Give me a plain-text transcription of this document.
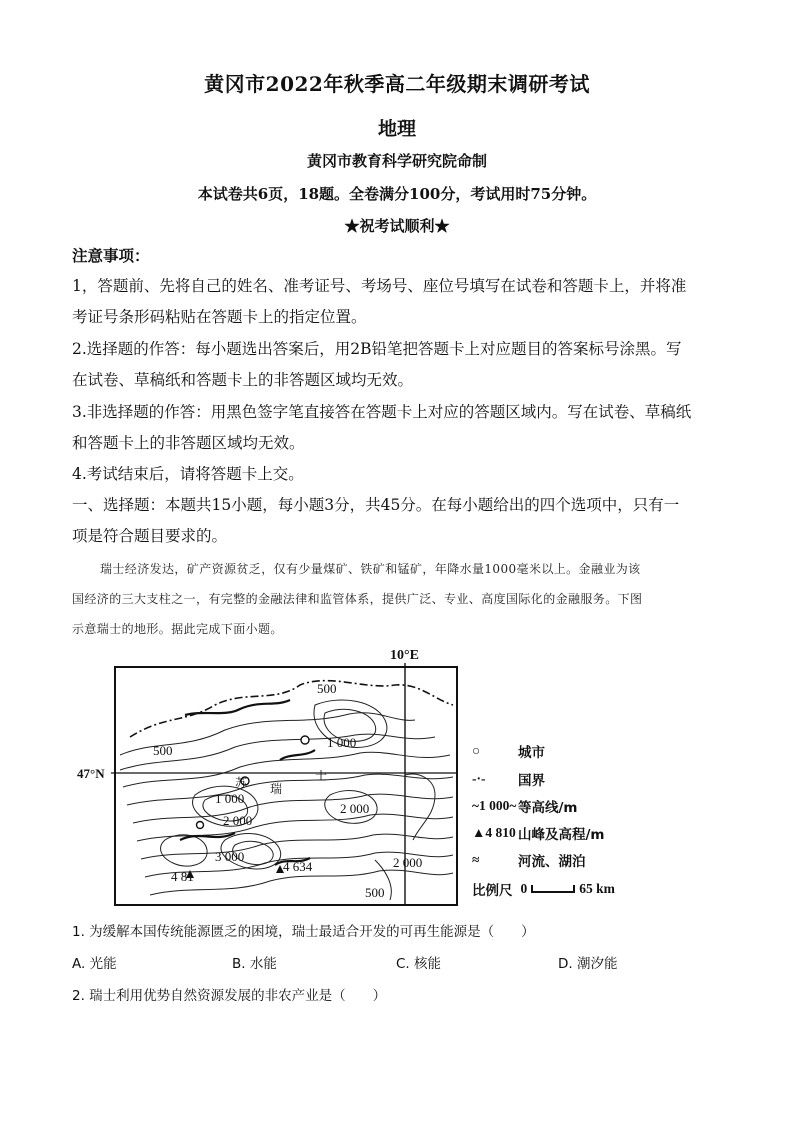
黄冈市2022年秋季高二年级期末调研考试
地理
黄冈市教育科学研究院命制
本试卷共6页，18题。全卷满分100分，考试用时75分钟。
★祝考试顺利★
注意事项：
1，答题前、先将自己的姓名、准考证号、考场号、座位号填写在试卷和答题卡上，并将准
考证号条形码粘贴在答题卡上的指定位置。
2.选择题的作答：每小题选出答案后，用2B铅笔把答题卡上对应题目的答案标号涂黑。写
在试卷、草稿纸和答题卡上的非答题区域均无效。
3.非选择题的作答：用黑色签字笔直接答在答题卡上对应的答题区域内。写在试卷、草稿纸
和答题卡上的非答题区域均无效。
4.考试结束后，请将答题卡上交。
一、选择题：本题共15小题，每小题3分，共45分。在每小题给出的四个选项中，只有一
项是符合题目要求的。
瑞士经济发达，矿产资源贫乏，仅有少量煤矿、铁矿和锰矿，年降水量1000毫米以上。金融业为该
国经济的三大支柱之一，有完整的金融法律和监管体系，提供广泛、专业、高度国际化的金融服务。下图
示意瑞士的地形。据此完成下面小题。
10°E
47°N
500
1 000
500
1 000
2 000
2 000
2 000
3 000
4 634
500
4 81
苏 瑞
士
○	城市
-·-	国界
~1 000~ 等高线/m
▲4 810 山峰及高程/m
≈	河流、湖泊
比例尺 0	65 km
1. 为缓解本国传统能源匮乏的困境，瑞士最适合开发的可再生能源是（　　）
A. 光能	B. 水能	C. 核能	D. 潮汐能
2. 瑞士利用优势自然资源发展的非农产业是（　　）
